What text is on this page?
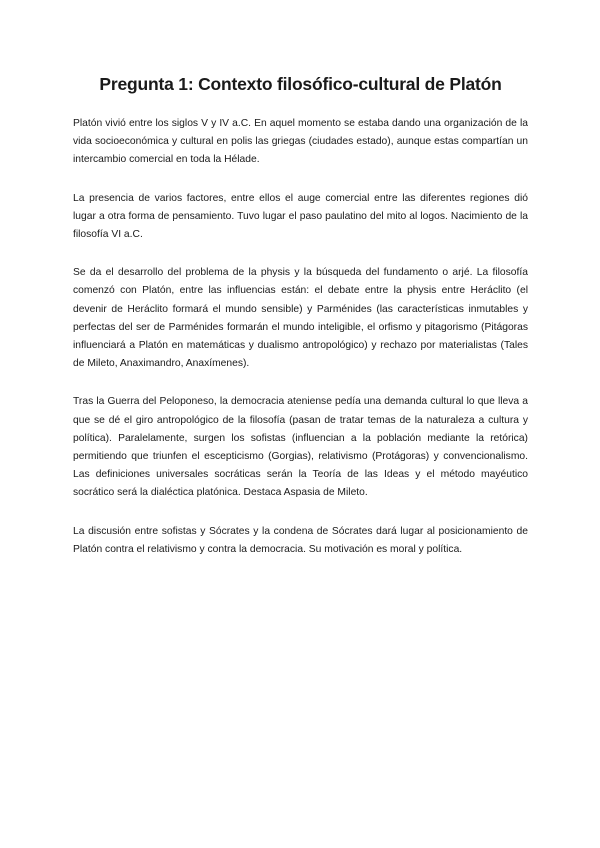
Pregunta 1: Contexto filosófico-cultural de Platón

Platón vivió entre los siglos V y IV a.C. En aquel momento se estaba dando una organización de la vida socioeconómica y cultural en polis las griegas (ciudades estado), aunque estas compartían un intercambio comercial en toda la Hélade.

La presencia de varios factores, entre ellos el auge comercial entre las diferentes regiones dió lugar a otra forma de pensamiento. Tuvo lugar el paso paulatino del mito al logos. Nacimiento de la filosofía VI a.C.

Se da el desarrollo del problema de la physis y la búsqueda del fundamento o arjé. La filosofía comenzó con Platón, entre las influencias están: el debate entre la physis entre Heráclito (el devenir de Heráclito formará el mundo sensible) y Parménides (las características inmutables y perfectas del ser de Parménides formarán el mundo inteligible, el orfismo y pitagorismo (Pitágoras influenciará a Platón en matemáticas y dualismo antropológico) y rechazo por materialistas (Tales de Mileto, Anaximandro, Anaxímenes).

Tras la Guerra del Peloponeso, la democracia ateniense pedía una demanda cultural lo que lleva a que se dé el giro antropológico de la filosofía (pasan de tratar temas de la naturaleza a cultura y política). Paralelamente, surgen los sofistas (influencian a la población mediante la retórica) permitiendo que triunfen el escepticismo (Gorgias), relativismo (Protágoras) y convencionalismo. Las definiciones universales socráticas serán la Teoría de las Ideas y el método mayéutico socrático será la dialéctica platónica. Destaca Aspasia de Mileto.

La discusión entre sofistas y Sócrates y la condena de Sócrates dará lugar al posicionamiento de Platón contra el relativismo y contra la democracia. Su motivación es moral y política.
